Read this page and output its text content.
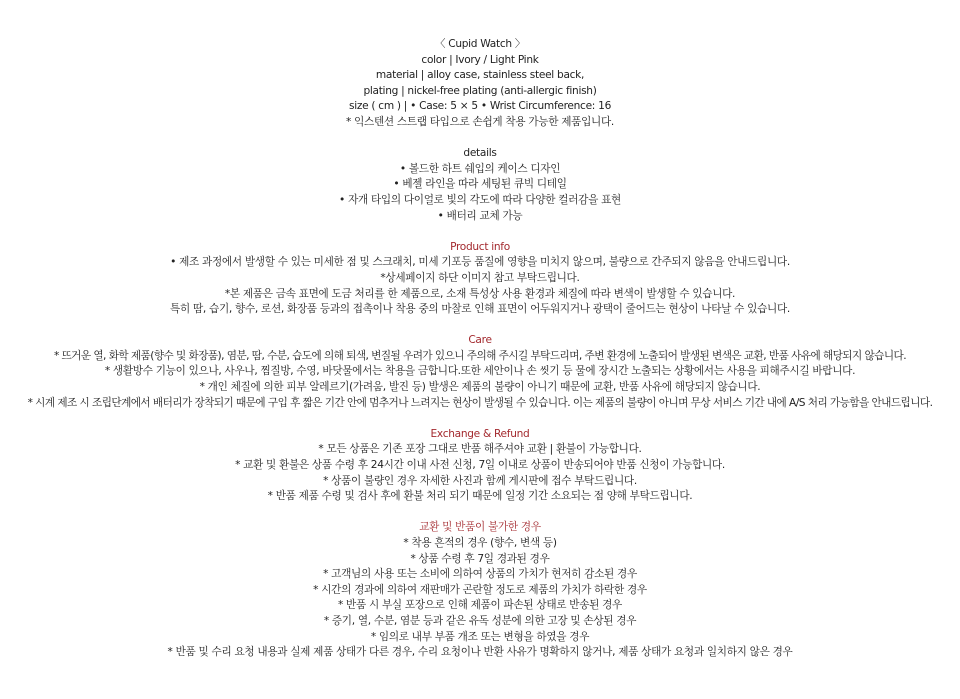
〈 Cupid Watch 〉
color | Ivory / Light Pink
material | alloy case, stainless steel back,
plating | nickel-free plating (anti-allergic finish)
size ( cm ) | • Case: 5 × 5 • Wrist Circumference: 16
* 익스텐션 스트랩 타입으로 손쉽게 착용 가능한 제품입니다.
details
• 볼드한 하트 쉐입의 케이스 디자인
• 베젤 라인을 따라 세팅된 큐빅 디테일
• 자개 타입의 다이얼로 빛의 각도에 따라 다양한 컬러감을 표현
• 배터리 교체 가능
Product info
• 제조 과정에서 발생할 수 있는 미세한 점 및 스크래치, 미세 기포등 품질에 영향을 미치지 않으며, 불량으로 간주되지 않음을 안내드립니다.
*상세페이지 하단 이미지 참고 부탁드립니다.
*본 제품은 금속 표면에 도금 처리를 한 제품으로, 소재 특성상 사용 환경과 체질에 따라 변색이 발생할 수 있습니다.
특히 땀, 습기, 향수, 로션, 화장품 등과의 접촉이나 착용 중의 마찰로 인해 표면이 어두워지거나 광택이 줄어드는 현상이 나타날 수 있습니다.
Care
* 뜨거운 열, 화학 제품(향수 및 화장품), 염분, 땀, 수분, 습도에 의해 퇴색, 변질될 우려가 있으니 주의해 주시길 부탁드리며, 주변 환경에 노출되어 발생된 변색은 교환, 반품 사유에 해당되지 않습니다.
* 생활방수 기능이 있으나, 사우나, 찜질방, 수영, 바닷물에서는 착용을 금합니다.또한 세안이나 손 씻기 등 물에 장시간 노출되는 상황에서는 사용을 피해주시길 바랍니다.
* 개인 체질에 의한 피부 알레르기(가려움, 발진 등) 발생은 제품의 불량이 아니기 때문에 교환, 반품 사유에 해당되지 않습니다.
* 시계 제조 시 조립단계에서 배터리가 장착되기 때문에 구입 후 짧은 기간 안에 멈추거나 느려지는 현상이 발생될 수 있습니다. 이는 제품의 불량이 아니며 무상 서비스 기간 내에 A/S 처리 가능함을 안내드립니다.
Exchange & Refund
* 모든 상품은 기존 포장 그대로 반품 해주셔야 교환 | 환불이 가능합니다.
* 교환 및 환불은 상품 수령 후 24시간 이내 사전 신청, 7일 이내로 상품이 반송되어야 반품 신청이 가능합니다.
* 상품이 불량인 경우 자세한 사진과 함께 게시판에 접수 부탁드립니다.
* 반품 제품 수령 및 검사 후에 환불 처리 되기 때문에 일정 기간 소요되는 점 양해 부탁드립니다.
교환 및 반품이 불가한 경우
* 착용 흔적의 경우 (향수, 변색 등)
* 상품 수령 후 7일 경과된 경우
* 고객님의 사용 또는 소비에 의하여 상품의 가치가 현저히 감소된 경우
* 시간의 경과에 의하여 재판매가 곤란할 정도로 제품의 가치가 하락한 경우
* 반품 시 부실 포장으로 인해 제품이 파손된 상태로 반송된 경우
* 증기, 열, 수분, 염분 등과 같은 유독 성분에 의한 고장 및 손상된 경우
* 임의로 내부 부품 개조 또는 변형을 하였을 경우
* 반품 및 수리 요청 내용과 실제 제품 상태가 다른 경우, 수리 요청이나 반환 사유가 명확하지 않거나, 제품 상태가 요청과 일치하지 않은 경우
